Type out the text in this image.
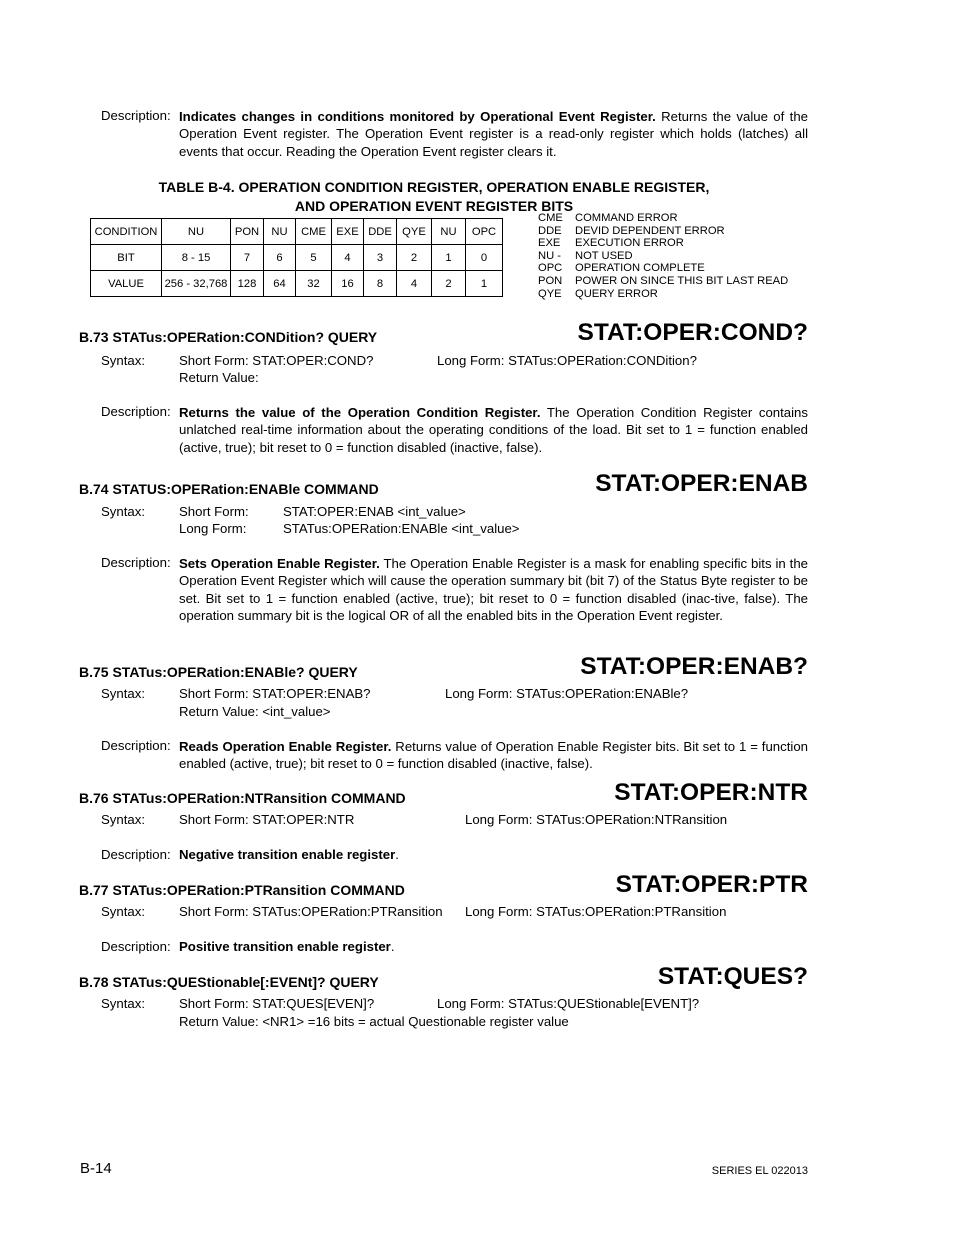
Description: Indicates changes in conditions monitored by Operational Event Register. Returns the value of the Operation Event register. The Operation Event register is a read-only register which holds (latches) all events that occur. Reading the Operation Event register clears it.
TABLE B-4. OPERATION CONDITION REGISTER, OPERATION ENABLE REGISTER,
AND OPERATION EVENT REGISTER BITS
CONDITION	NU	PON	NU	CME	EXE	DDE	QYE	NU	OPC
BIT	8 - 15	7	6	5	4	3	2	1	0
VALUE	256 - 32,768	128	64	32	16	8	4	2	1
CME	COMMAND ERROR
DDE	DEVID DEPENDENT ERROR
EXE	EXECUTION ERROR
NU -	NOT USED
OPC	OPERATION COMPLETE
PON	POWER ON SINCE THIS BIT LAST READ
QYE	QUERY ERROR
B.73 STATus:OPERation:CONDition? QUERY	STAT:OPER:COND?
Syntax:	Short Form: STAT:OPER:COND?	Long Form: STATus:OPERation:CONDition?
Return Value:
Description: Returns the value of the Operation Condition Register. The Operation Condition Register contains unlatched real-time information about the operating conditions of the load. Bit set to 1 = function enabled (active, true); bit reset to 0 = function disabled (inactive, false).
B.74 STATUS:OPERation:ENABle COMMAND	STAT:OPER:ENAB
Syntax:	Short Form:	STAT:OPER:ENAB <int_value>
Long Form:	STATus:OPERation:ENABle <int_value>
Description: Sets Operation Enable Register. The Operation Enable Register is a mask for enabling specific bits in the Operation Event Register which will cause the operation summary bit (bit 7) of the Status Byte register to be set. Bit set to 1 = function enabled (active, true); bit reset to 0 = function disabled (inac-tive, false). The operation summary bit is the logical OR of all the enabled bits in the Operation Event register.
B.75 STATus:OPERation:ENABle? QUERY	STAT:OPER:ENAB?
Syntax:	Short Form: STAT:OPER:ENAB?	Long Form: STATus:OPERation:ENABle?
Return Value: <int_value>
Description: Reads Operation Enable Register. Returns value of Operation Enable Register bits. Bit set to 1 = function enabled (active, true); bit reset to 0 = function disabled (inactive, false).
B.76 STATus:OPERation:NTRansition COMMAND	STAT:OPER:NTR
Syntax:	Short Form: STAT:OPER:NTR	Long Form: STATus:OPERation:NTRansition
Description: Negative transition enable register.
B.77 STATus:OPERation:PTRansition COMMAND	STAT:OPER:PTR
Syntax:	Short Form: STATus:OPERation:PTRansition Long Form: STATus:OPERation:PTRansition
Description: Positive transition enable register.
B.78 STATus:QUEStionable[:EVENt]? QUERY	STAT:QUES?
Syntax:	Short Form: STAT:QUES[EVEN]?	Long Form: STATus:QUEStionable[EVENT]?
Return Value: <NR1> =16 bits = actual Questionable register value
B-14	SERIES EL 022013
